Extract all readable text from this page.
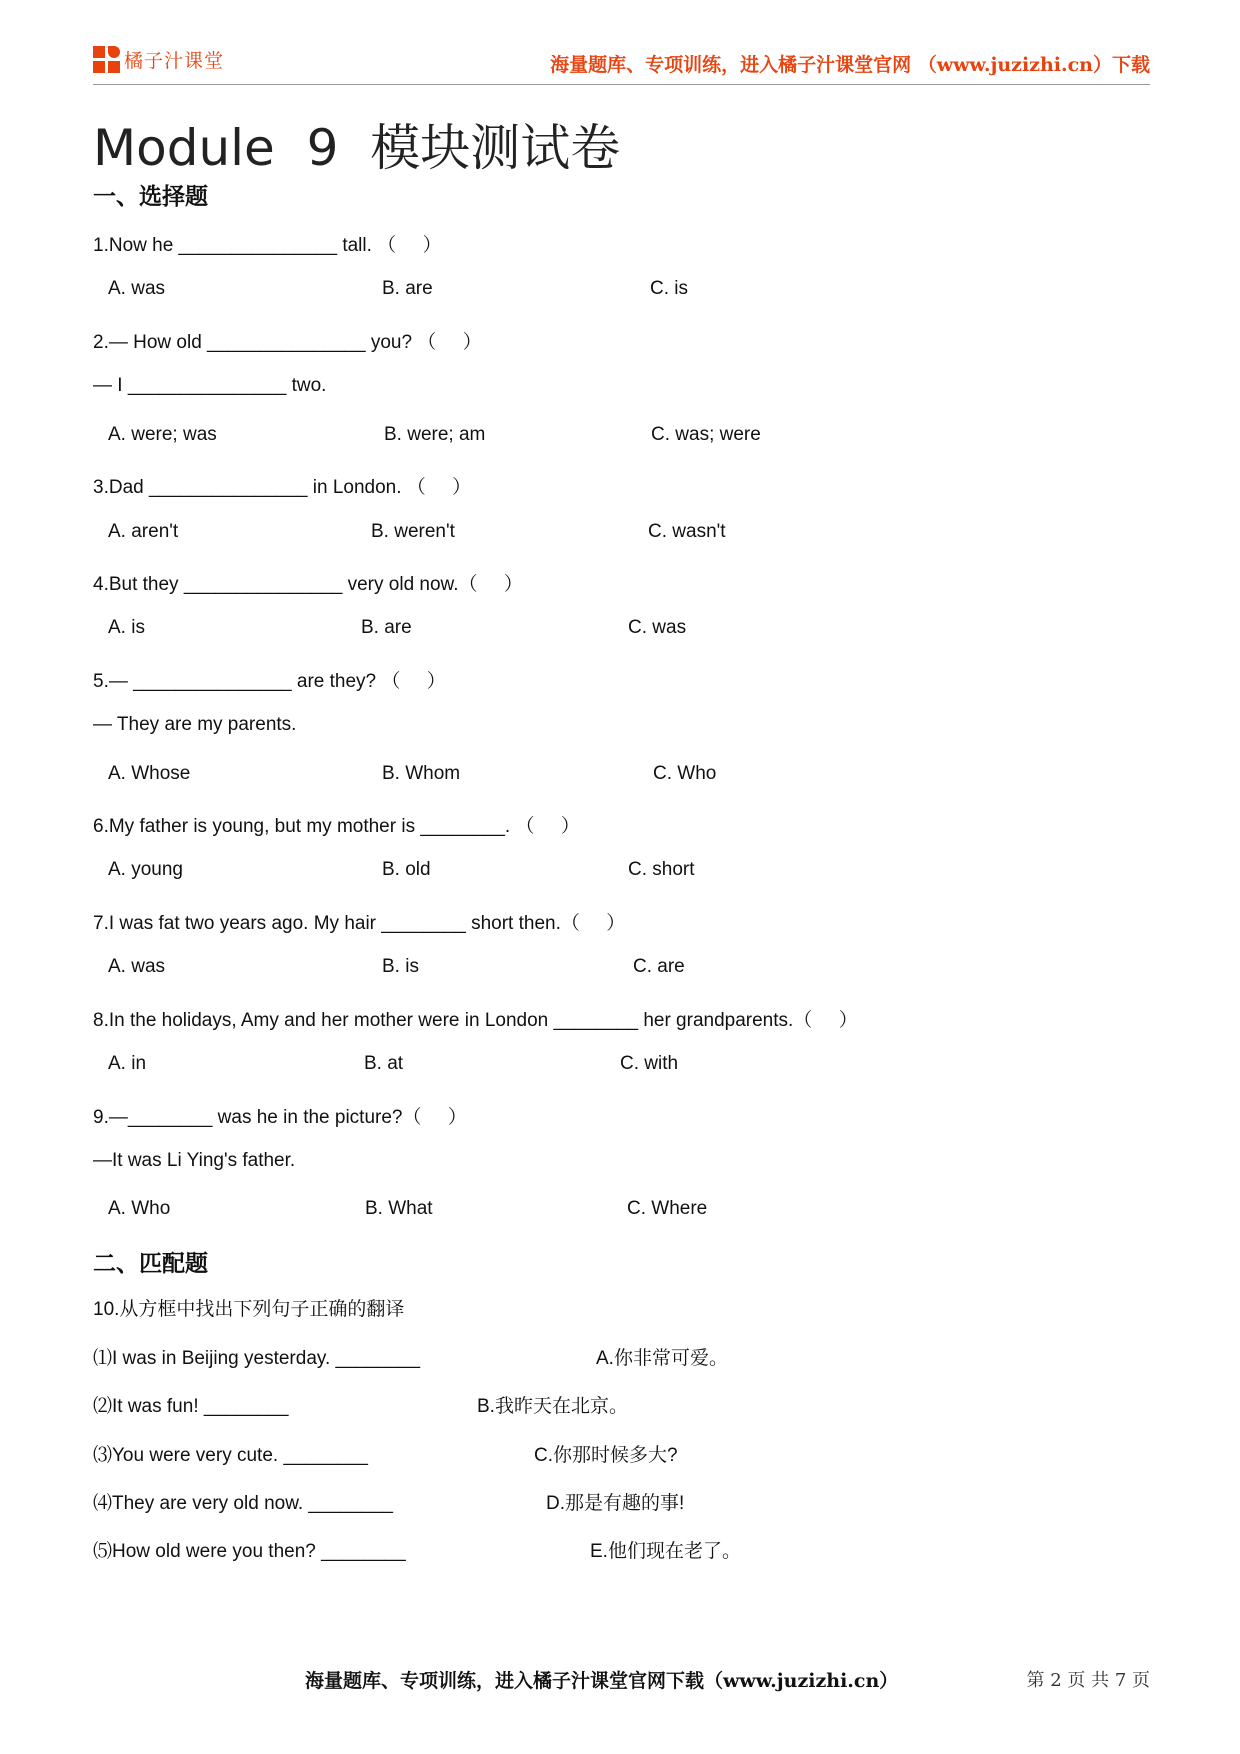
橘子汁课堂	海量题库、专项训练，进入橘子汁课堂官网 （www.juzizhi.cn）下载
Module  9  模块测试卷
一、选择题
1.Now he _______________ tall. （     ）
A. was	B. are	C. is
2.— How old _______________ you? （     ）
— I _______________ two.
A. were; was	B. were; am	C. was; were
3.Dad _______________ in London. （     ）
A. aren't	B. weren't	C. wasn't
4.But they _______________ very old now.（     ）
A. is	B. are	C. was
5.— _______________ are they? （     ）
— They are my parents.
A. Whose	B. Whom	C. Who
6.My father is young, but my mother is ________. （     ）
A. young	B. old	C. short
7.I was fat two years ago. My hair ________ short then.（     ）
A. was	B. is	C. are
8.In the holidays, Amy and her mother were in London ________ her grandparents.（     ）
A. in	B. at	C. with
9.—________ was he in the picture?（     ）
—It was Li Ying's father.
A. Who	B. What	C. Where
二、匹配题
10.从方框中找出下列句子正确的翻译
⑴I was in Beijing yesterday. ________	A.你非常可爱。
⑵It was fun! ________	B.我昨天在北京。
⑶You were very cute. ________	C.你那时候多大?
⑷They are very old now. ________	D.那是有趣的事!
⑸How old were you then? ________	E.他们现在老了。
海量题库、专项训练，进入橘子汁课堂官网下载（www.juzizhi.cn）	第 2 页 共 7 页
